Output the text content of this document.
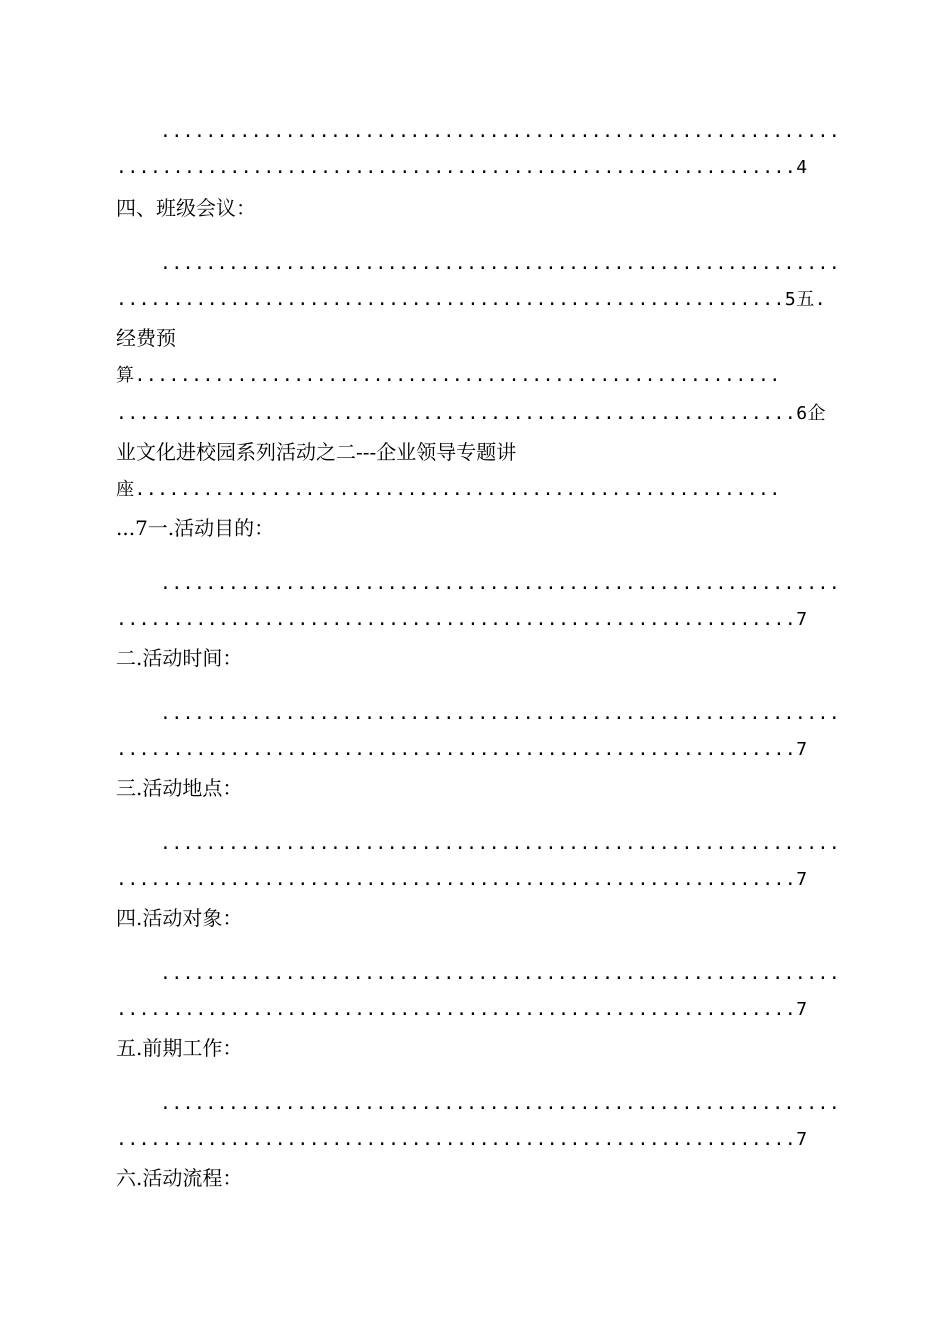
............................................................
............................................................4
四、班级会议：
............................................................
...........................................................5五.
经费预
算.........................................................
............................................................6企
业文化进校园系列活动之二---企业领导专题讲
座.........................................................
...7一.活动目的：
............................................................
............................................................7
二.活动时间：
............................................................
............................................................7
三.活动地点：
............................................................
............................................................7
四.活动对象：
............................................................
............................................................7
五.前期工作：
............................................................
............................................................7
六.活动流程：
